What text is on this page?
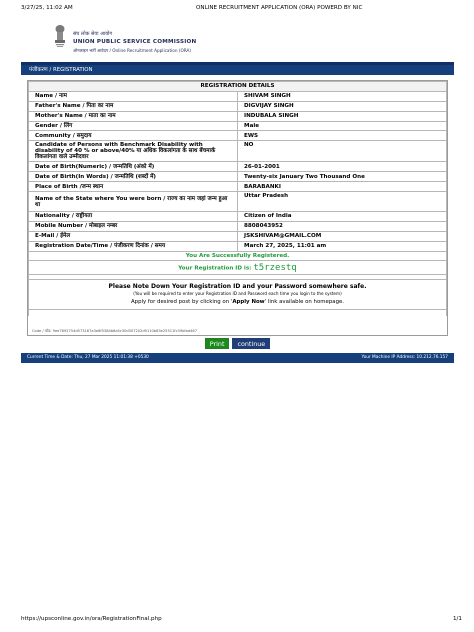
3/27/25, 11:02 AM	ONLINE RECRUITMENT APPLICATION (ORA) POWERD BY NIC
संघ लोक सेवा आयोग
UNION PUBLIC SERVICE COMMISSION
ऑनलाइन भर्ती आवेदन / Online Recruitment Application (ORA)
पंजीकरण / REGISTRATION
REGISTRATION DETAILS	
Name / नाम	SHIVAM SINGH
Father's Name / पिता का नाम	DIGVIJAY SINGH
Mother's Name / माता का नाम	INDUBALA SINGH
Gender / लिंग	Male
Community / समुदाय	EWS
Candidate of Persons with Benchmark Disability with disability of 40 % or above/40% या अधिक विकलांगता के साथ बेंचमार्क विकलांगता वाले उम्मीदवार	NO
Date of Birth(Numeric) / जन्मतिथि (अंको में)	26-01-2001
Date of Birth(In Words) / जन्मतिथि (शब्दों में)	Twenty-six January Two Thousand One
Place of Birth /जन्म स्थान	BARABANKI
Name of the State where You were born / राज्य का नाम जहां जन्म हुआ था	Uttar Pradesh
Nationality / राष्ट्रीयता	Citizen of India
Mobile Number / मोबाइल नम्बर	8808043952
E-Mail / ईमेल	JSKSHIVAM@GMAIL.COM
Registration Date/Time / पंजीकरण दिनांक / समय	March 27, 2025, 11:01 am
You Are Successfully Registered.	
Your Registration ID is: t5rzestq	

Please Note Down Your Registration ID and your Password somewhere safe.
(You will be required to enter your Registration ID and Password each time you login to the system)
Apply for desired post by clicking on 'Apply Now' link available on homepage.	

Code / कोड: 9ee7692754d573167a3e8f5384b6a5c30d307202d9110b83e25511fc39bfad467
Print continue
Current Time & Date: Thu, 27 Mar 2025 11:01:38 +0530	Your Machine IP Address: 10.212.76.157
https://upsconline.gov.in/ora/RegistrationFinal.php	1/1
